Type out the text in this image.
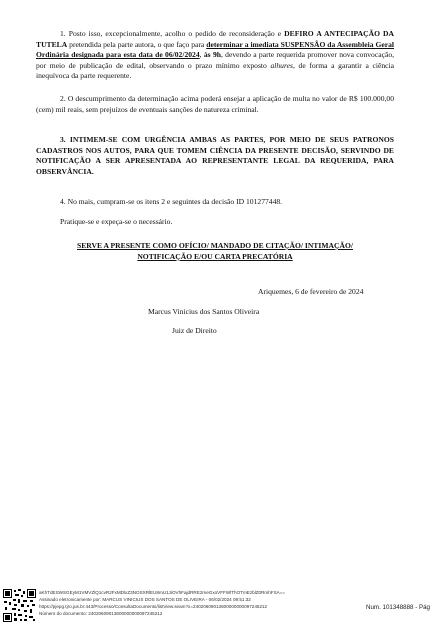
1. Posto isso, excepcionalmente, acolho o pedido de reconsideração e DEFIRO A ANTECIPAÇÃO DA TUTELA pretendida pela parte autora, o que faço para determinar a imediata SUSPENSÃO da Assembleia Geral Ordinária designada para esta data de 06/02/2024, às 9h, devendo a parte requerida promover nova convocação, por meio de publicação de edital, observando o prazo mínimo exposto alhures, de forma a garantir a ciência inequívoca da parte requerente.
2. O descumprimento da determinação acima poderá ensejar a aplicação de multa no valor de R$ 100.000,00 (cem) mil reais, sem prejuízos de eventuais sanções de natureza criminal.
3. INTIMEM-SE COM URGÊNCIA AMBAS AS PARTES, POR MEIO DE SEUS PATRONOS CADASTROS NOS AUTOS, PARA QUE TOMEM CIÊNCIA DA PRESENTE DECISÃO, SERVINDO DE NOTIFICAÇÃO A SER APRESENTADA AO REPRESENTANTE LEGAL DA REQUERIDA, PARA OBSERVÂNCIA.
4. No mais, cumpram-se os itens 2 e seguintes da decisão ID 101277448.
Pratique-se e expeça-se o necessário.
SERVE A PRESENTE COMO OFÍCIO/ MANDADO DE CITAÇÃO/ INTIMAÇÃO/
NOTIFICAÇÃO E/OU CARTA PRECATÓRIA
Ariquemes, 6 de fevereiro de 2024
Marcus Vinicius dos Santos Oliveira
Juiz de Direito
aKhTdESWSGEyM1VMVZlQ1cvR2FxMDlxZ3NOSXRlEU8mU1JiOVhFajdRRE2meGxoVFFWlThOTmEzblZ0RmhFSA==
Assinado eletronicamente por: MARCUS VINICIUS DOS SANTOS DE OLIVEIRA - 06/02/2024 09:51:32
https://pjepg.tjro.jus.br:443/Processo/ConsultaDocumento/listView.seam?x=24020609013600000000097245212
Número do documento: 24020609013600000000097245212
Num. 101348888 - Pág
